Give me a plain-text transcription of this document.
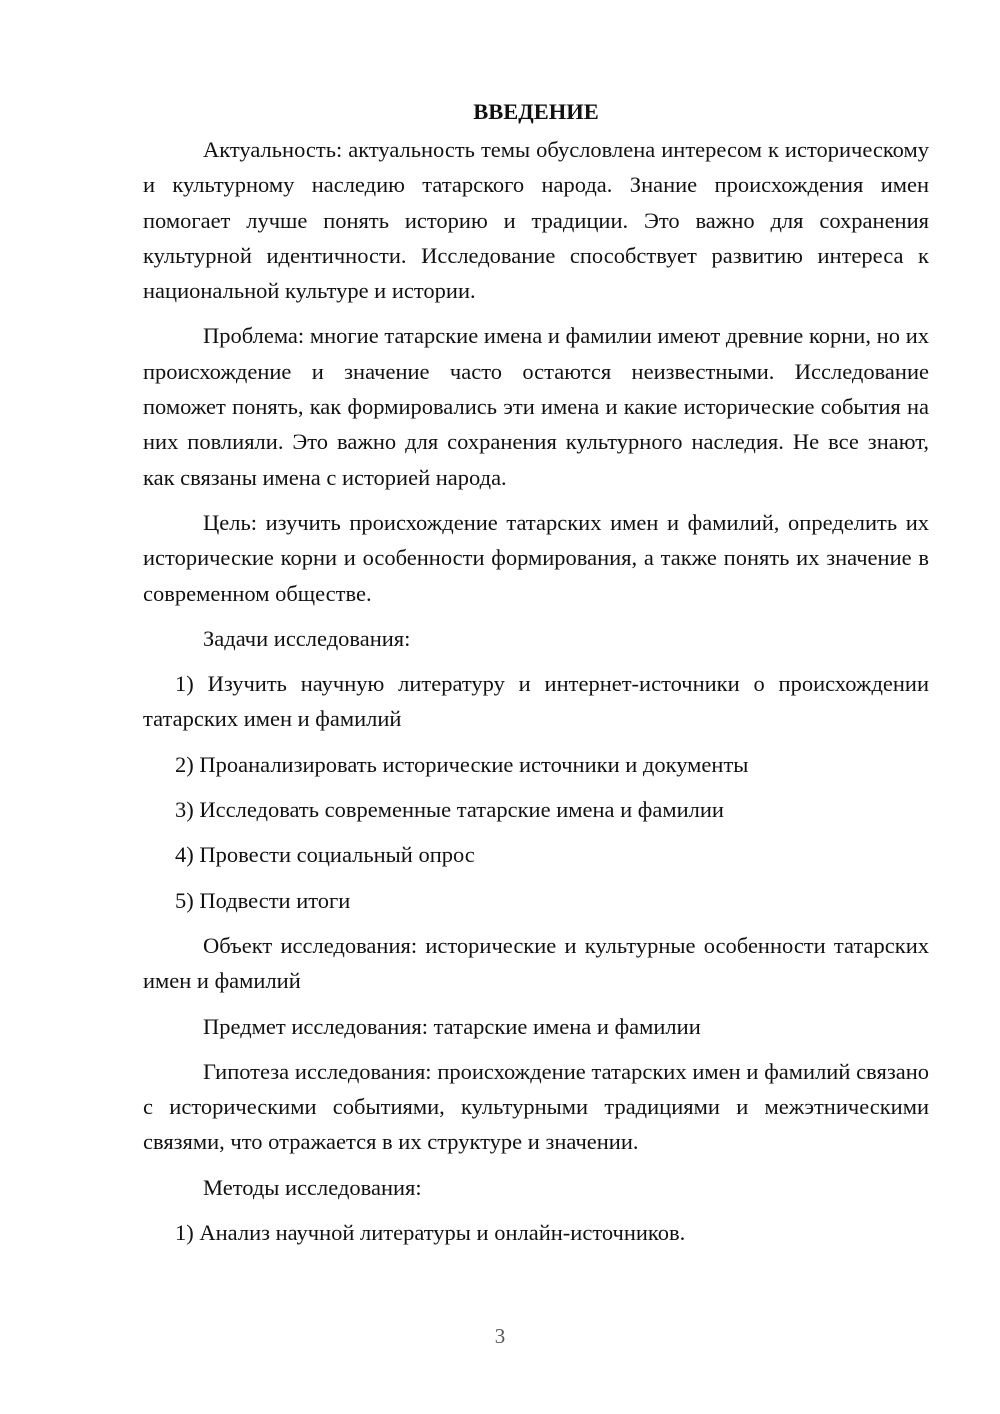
ВВЕДЕНИЕ

Актуальность: актуальность темы обусловлена интересом к историческому и культурному наследию татарского народа. Знание происхождения имен помогает лучше понять историю и традиции. Это важно для сохранения культурной идентичности. Исследование способствует развитию интереса к национальной культуре и истории.

Проблема: многие татарские имена и фамилии имеют древние корни, но их происхождение и значение часто остаются неизвестными. Исследование поможет понять, как формировались эти имена и какие исторические события на них повлияли. Это важно для сохранения культурного наследия. Не все знают, как связаны имена с историей народа.

Цель: изучить происхождение татарских имен и фамилий, определить их исторические корни и особенности формирования, а также понять их значение в современном обществе.

Задачи исследования:

1) Изучить научную литературу и интернет-источники о происхождении татарских имен и фамилий

2) Проанализировать исторические источники и документы

3) Исследовать современные татарские имена и фамилии

4) Провести социальный опрос

5) Подвести итоги

Объект исследования: исторические и культурные особенности татарских имен и фамилий

Предмет исследования: татарские имена и фамилии

Гипотеза исследования: происхождение татарских имен и фамилий связано с историческими событиями, культурными традициями и межэтническими связями, что отражается в их структуре и значении.

Методы исследования:

1) Анализ научной литературы и онлайн-источников.

3
